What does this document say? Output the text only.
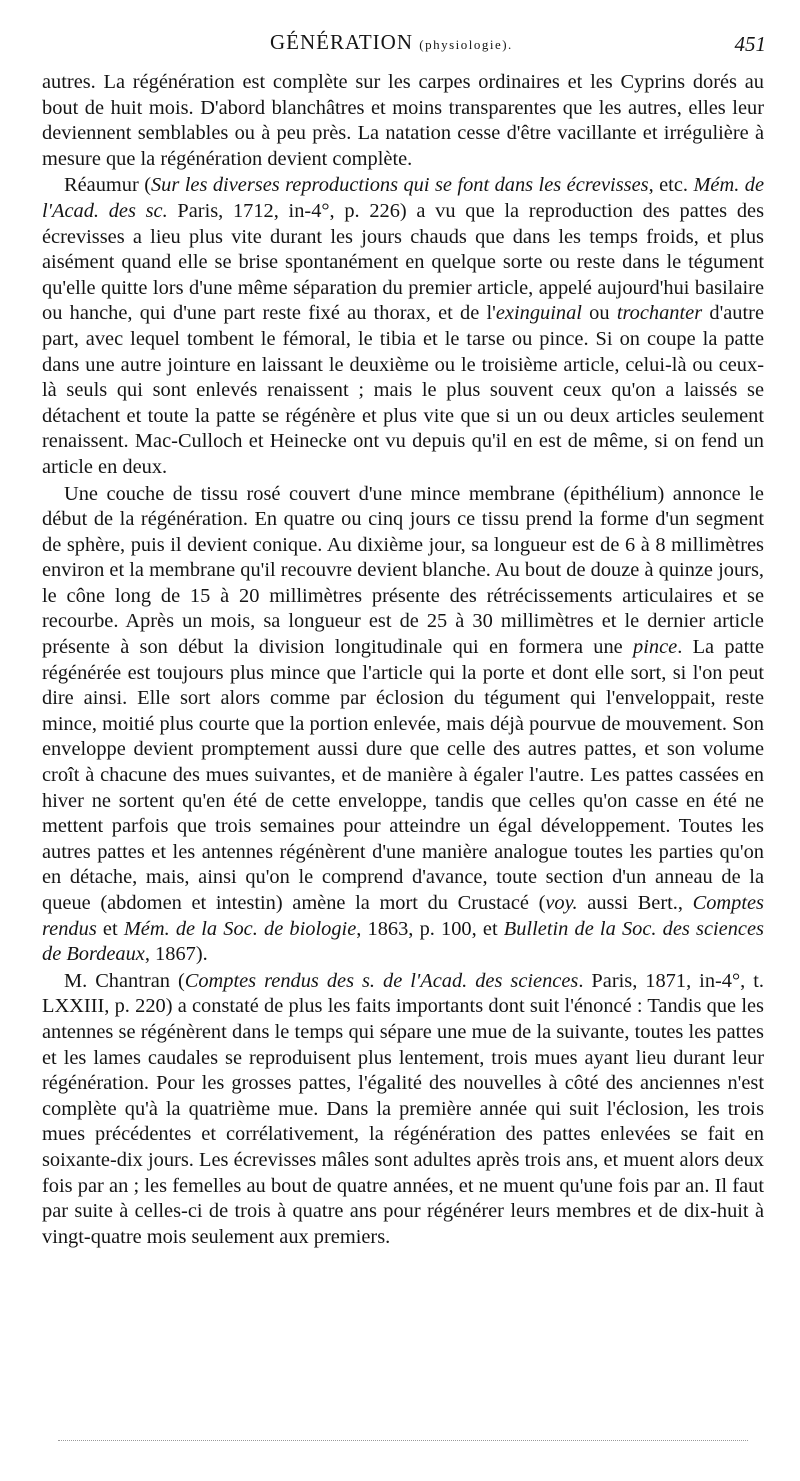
GÉNÉRATION (physiologie).	451

autres. La régénération est complète sur les carpes ordinaires et les Cyprins dorés au bout de huit mois. D'abord blanchâtres et moins transparentes que les autres, elles leur deviennent semblables ou à peu près. La natation cesse d'être vacillante et irrégulière à mesure que la régénération devient complète.

Réaumur (Sur les diverses reproductions qui se font dans les écrevisses, etc. Mém. de l'Acad. des sc. Paris, 1712, in-4°, p. 226) a vu que la reproduction des pattes des écrevisses a lieu plus vite durant les jours chauds que dans les temps froids, et plus aisément quand elle se brise spontanément en quelque sorte ou reste dans le tégument qu'elle quitte lors d'une même séparation du premier article, appelé aujourd'hui basilaire ou hanche, qui d'une part reste fixé au thorax, et de l'exinguinal ou trochanter d'autre part, avec lequel tombent le fémoral, le tibia et le tarse ou pince. Si on coupe la patte dans une autre jointure en laissant le deuxième ou le troisième article, celui-là ou ceux-là seuls qui sont enlevés renaissent ; mais le plus souvent ceux qu'on a laissés se détachent et toute la patte se régénère et plus vite que si un ou deux articles seulement renaissent. Mac-Culloch et Heinecke ont vu depuis qu'il en est de même, si on fend un article en deux.

Une couche de tissu rosé couvert d'une mince membrane (épithélium) annonce le début de la régénération. En quatre ou cinq jours ce tissu prend la forme d'un segment de sphère, puis il devient conique. Au dixième jour, sa longueur est de 6 à 8 millimètres environ et la membrane qu'il recouvre devient blanche. Au bout de douze à quinze jours, le cône long de 15 à 20 millimètres présente des rétrécissements articulaires et se recourbe. Après un mois, sa longueur est de 25 à 30 millimètres et le dernier article présente à son début la division longitudinale qui en formera une pince. La patte régénérée est toujours plus mince que l'article qui la porte et dont elle sort, si l'on peut dire ainsi. Elle sort alors comme par éclosion du tégument qui l'enveloppait, reste mince, moitié plus courte que la portion enlevée, mais déjà pourvue de mouvement. Son enveloppe devient promptement aussi dure que celle des autres pattes, et son volume croît à chacune des mues suivantes, et de manière à égaler l'autre. Les pattes cassées en hiver ne sortent qu'en été de cette enveloppe, tandis que celles qu'on casse en été ne mettent parfois que trois semaines pour atteindre un égal développement. Toutes les autres pattes et les antennes régénèrent d'une manière analogue toutes les parties qu'on en détache, mais, ainsi qu'on le comprend d'avance, toute section d'un anneau de la queue (abdomen et intestin) amène la mort du Crustacé (voy. aussi Bert., Comptes rendus et Mém. de la Soc. de biologie, 1863, p. 100, et Bulletin de la Soc. des sciences de Bordeaux, 1867).

M. Chantran (Comptes rendus des s. de l'Acad. des sciences. Paris, 1871, in-4°, t. LXXIII, p. 220) a constaté de plus les faits importants dont suit l'énoncé : Tandis que les antennes se régénèrent dans le temps qui sépare une mue de la suivante, toutes les pattes et les lames caudales se reproduisent plus lentement, trois mues ayant lieu durant leur régénération. Pour les grosses pattes, l'égalité des nouvelles à côté des anciennes n'est complète qu'à la quatrième mue. Dans la première année qui suit l'éclosion, les trois mues précédentes et corrélativement, la régénération des pattes enlevées se fait en soixante-dix jours. Les écrevisses mâles sont adultes après trois ans, et muent alors deux fois par an ; les femelles au bout de quatre années, et ne muent qu'une fois par an. Il faut par suite à celles-ci de trois à quatre ans pour régénérer leurs membres et de dix-huit à vingt-quatre mois seulement aux premiers.
